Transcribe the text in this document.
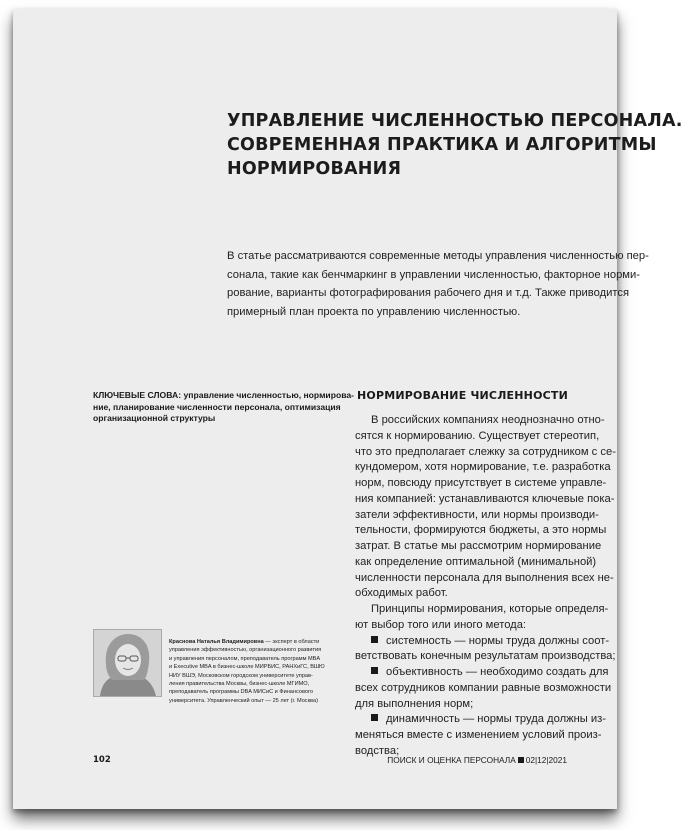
УПРАВЛЕНИЕ ЧИСЛЕННОСТЬЮ ПЕРСОНАЛА.
СОВРЕМЕННАЯ ПРАКТИКА И АЛГОРИТМЫ
НОРМИРОВАНИЯ
В статье рассматриваются современные методы управления численностью пер-
сонала, такие как бенчмаркинг в управлении численностью, факторное норми-
рование, варианты фотографирования рабочего дня и т.д. Также приводится
примерный план проекта по управлению численностью.
КЛЮЧЕВЫЕ СЛОВА: управление численностью, нормирова-
ние, планирование численности персонала, оптимизация
организационной структуры
НОРМИРОВАНИЕ ЧИСЛЕННОСТИ
В российских компаниях неоднозначно отно-
сятся к нормированию. Существует стереотип,
что это предполагает слежку за сотрудником с се-
кундомером, хотя нормирование, т.е. разработка
норм, повсюду присутствует в системе управле-
ния компанией: устанавливаются ключевые пока-
затели эффективности, или нормы производи-
тельности, формируются бюджеты, а это нормы
затрат. В статье мы рассмотрим нормирование
как определение оптимальной (минимальной)
численности персонала для выполнения всех не-
обходимых работ.
Принципы нормирования, которые определя-
ют выбор того или иного метода:
системность — нормы труда должны соот-
ветствовать конечным результатам производства;
объективность — необходимо создать для
всех сотрудников компании равные возможности
для выполнения норм;
динамичность — нормы труда должны из-
меняться вместе с изменением условий произ-
водства;
Краснова Наталья Владимировна — эксперт в области
управления эффективностью, организационного развития
и управления персоналом, преподаватель программ MBA
и Executive MBA в бизнес-школе МИРБИС, РАНХиГС, ВШЮ
НИУ ВШЭ, Московском городском университете управ-
ления правительства Москвы, бизнес-школе МГИМО,
преподаватель программы DBA МИСиС и Финансового
университета. Управленческий опыт — 25 лет (г. Москва)
102	ПОИСК И ОЦЕНКА ПЕРСОНАЛА 02|12|2021
